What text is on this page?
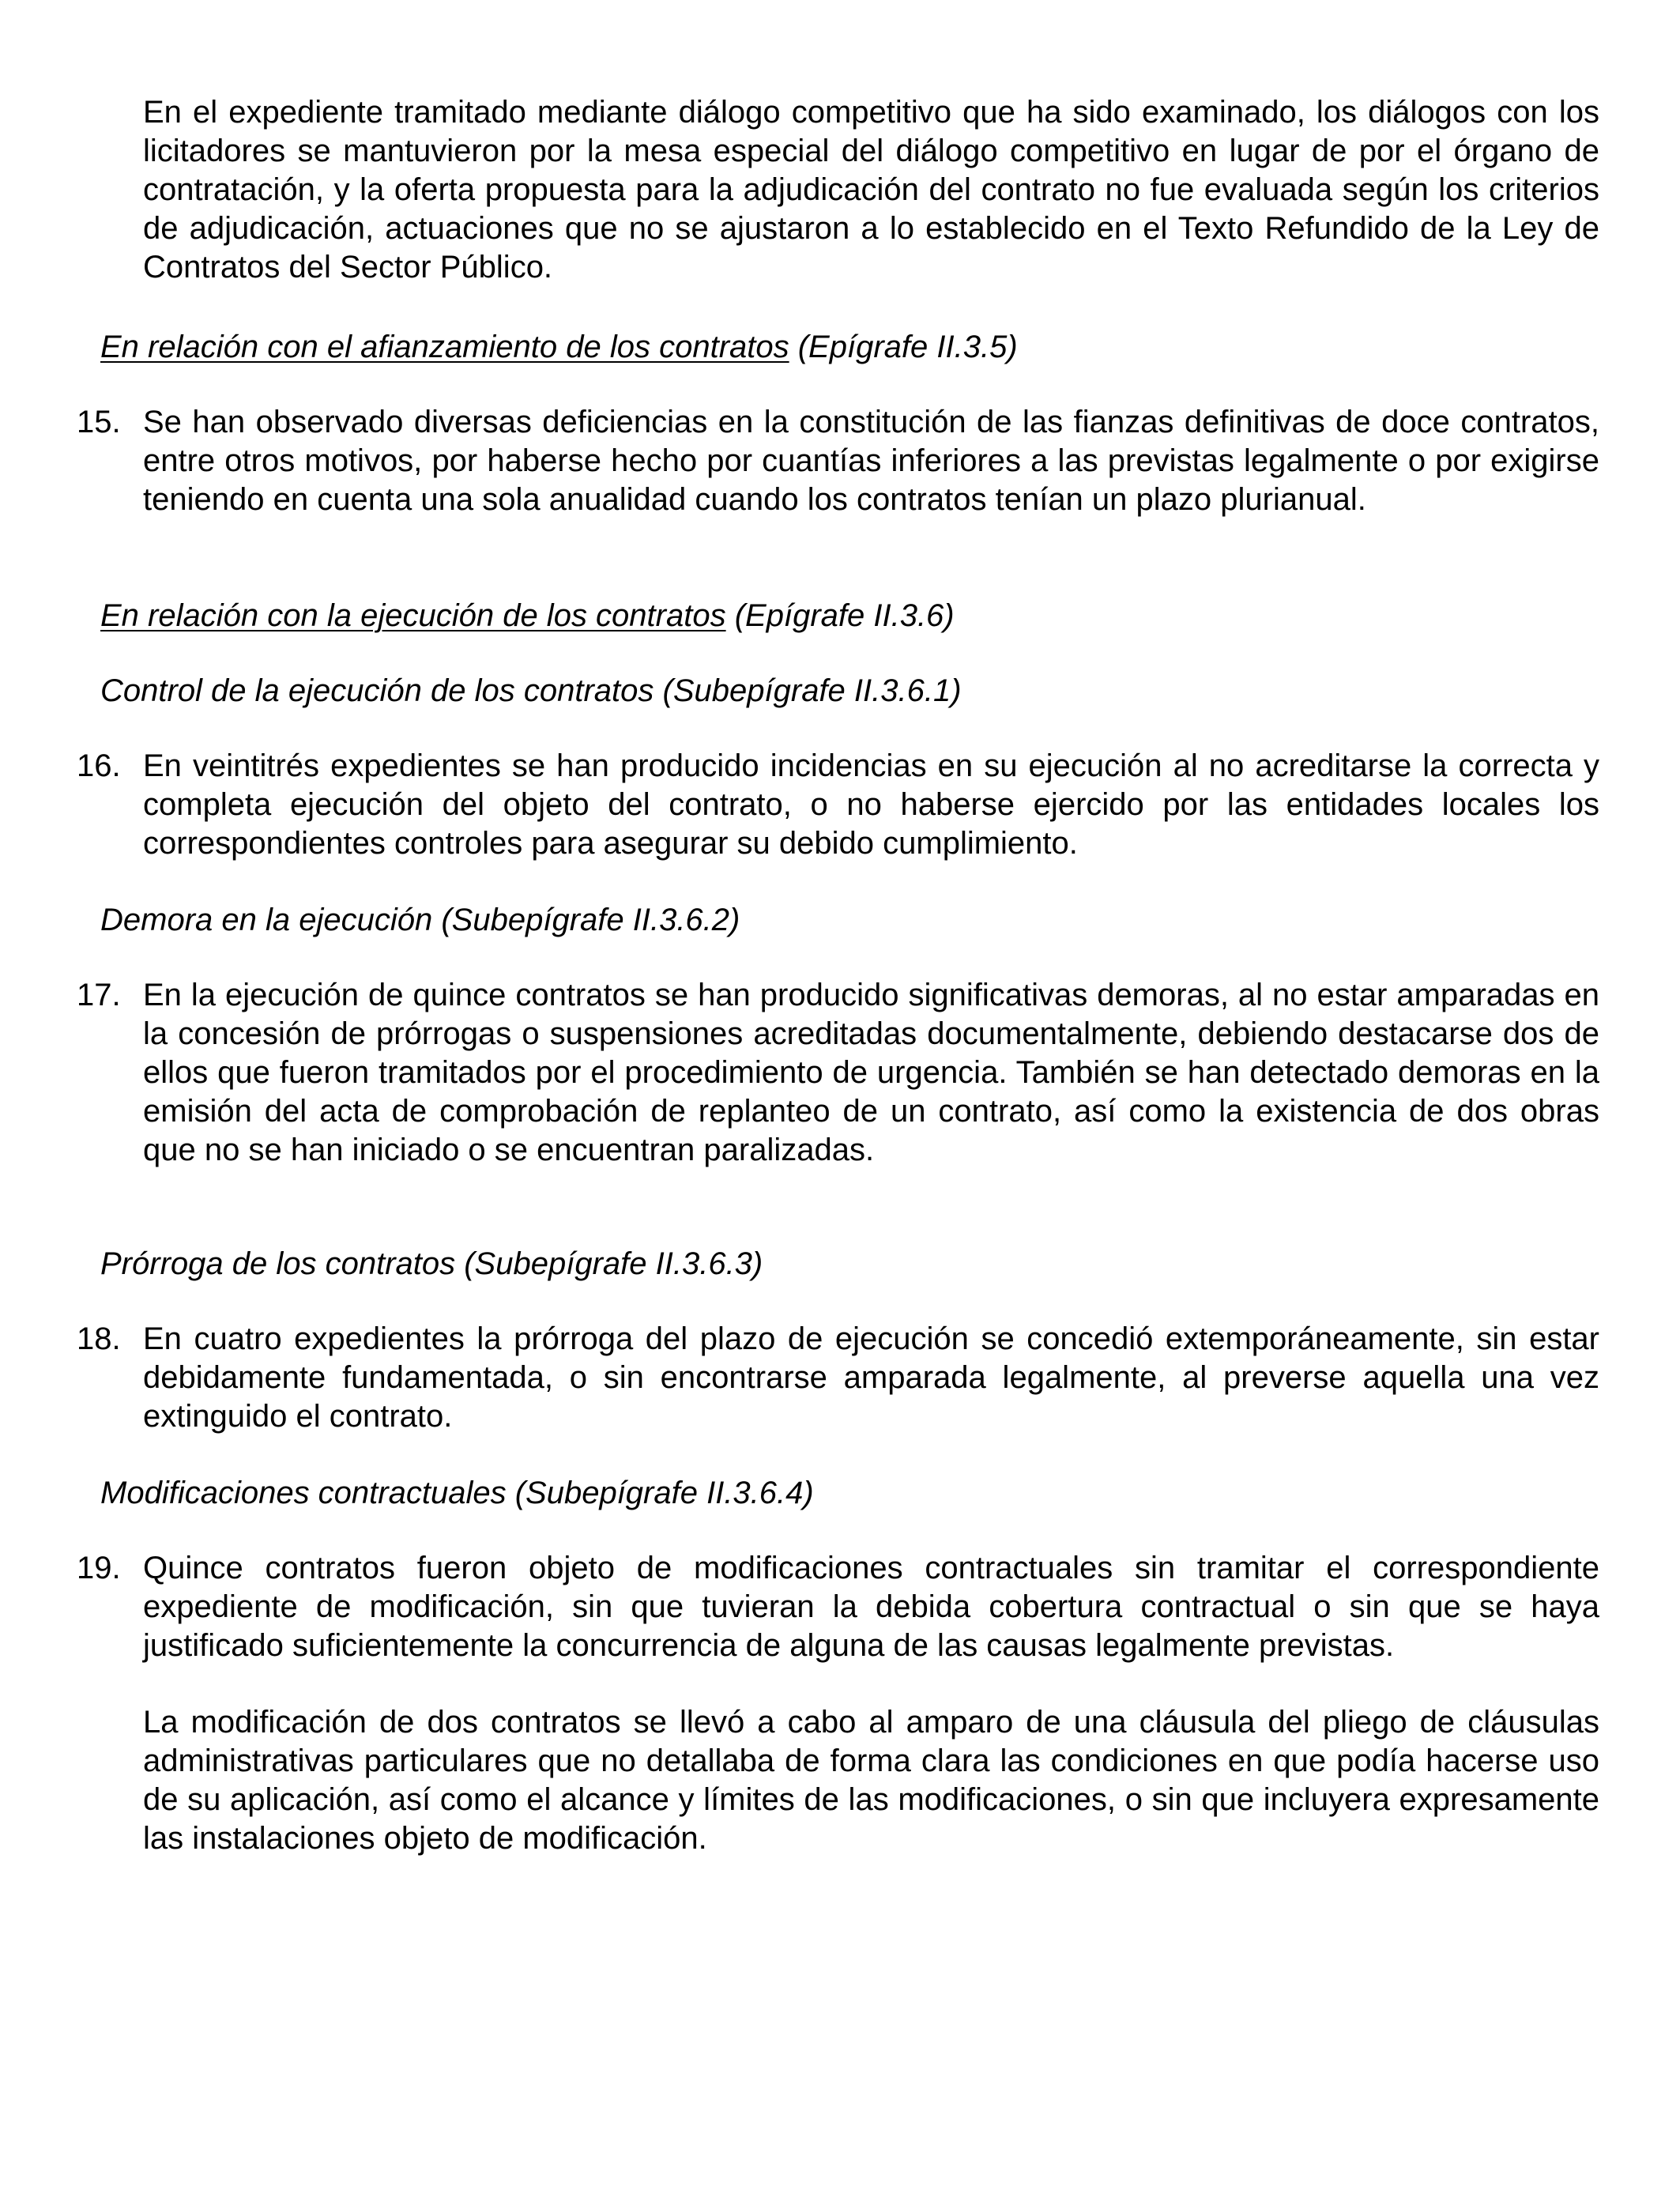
En el expediente tramitado mediante diálogo competitivo que ha sido examinado, los diálogos con los licitadores se mantuvieron por la mesa especial del diálogo competitivo en lugar de por el órgano de contratación, y la oferta propuesta para la adjudicación del contrato no fue evaluada según los criterios de adjudicación, actuaciones que no se ajustaron a lo establecido en el Texto Refundido de la Ley de Contratos del Sector Público.

En relación con el afianzamiento de los contratos (Epígrafe II.3.5)

15. Se han observado diversas deficiencias en la constitución de las fianzas definitivas de doce contratos, entre otros motivos, por haberse hecho por cuantías inferiores a las previstas legalmente o por exigirse teniendo en cuenta una sola anualidad cuando los contratos tenían un plazo plurianual.

En relación con la ejecución de los contratos (Epígrafe II.3.6)

Control de la ejecución de los contratos (Subepígrafe II.3.6.1)

16. En veintitrés expedientes se han producido incidencias en su ejecución al no acreditarse la correcta y completa ejecución del objeto del contrato, o no haberse ejercido por las entidades locales los correspondientes controles para asegurar su debido cumplimiento.

Demora en la ejecución (Subepígrafe II.3.6.2)

17. En la ejecución de quince contratos se han producido significativas demoras, al no estar amparadas en la concesión de prórrogas o suspensiones acreditadas documentalmente, debiendo destacarse dos de ellos que fueron tramitados por el procedimiento de urgencia. También se han detectado demoras en la emisión del acta de comprobación de replanteo de un contrato, así como la existencia de dos obras que no se han iniciado o se encuentran paralizadas.

Prórroga de los contratos (Subepígrafe II.3.6.3)

18. En cuatro expedientes la prórroga del plazo de ejecución se concedió extemporáneamente, sin estar debidamente fundamentada, o sin encontrarse amparada legalmente, al preverse aquella una vez extinguido el contrato.

Modificaciones contractuales (Subepígrafe II.3.6.4)

19. Quince contratos fueron objeto de modificaciones contractuales sin tramitar el correspondiente expediente de modificación, sin que tuvieran la debida cobertura contractual o sin que se haya justificado suficientemente la concurrencia de alguna de las causas legalmente previstas.

La modificación de dos contratos se llevó a cabo al amparo de una cláusula del pliego de cláusulas administrativas particulares que no detallaba de forma clara las condiciones en que podía hacerse uso de su aplicación, así como el alcance y límites de las modificaciones, o sin que incluyera expresamente las instalaciones objeto de modificación.
